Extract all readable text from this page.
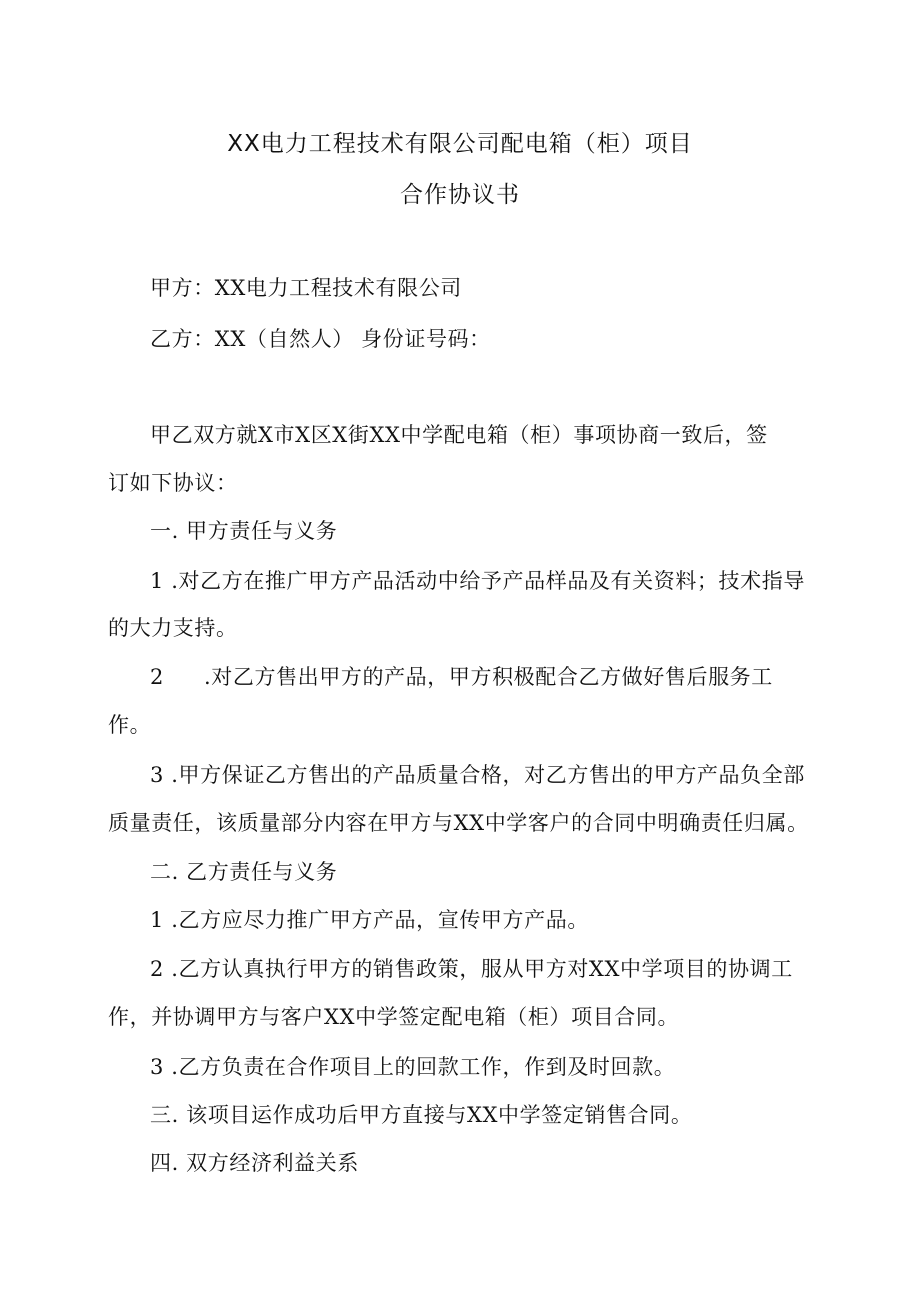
XX电力工程技术有限公司配电箱（柜）项目
合作协议书
甲方：XX电力工程技术有限公司
乙方：XX（自然人） 身份证号码：
甲乙双方就X市X区X街XX中学配电箱（柜）事项协商一致后，签
订如下协议：
一. 甲方责任与义务
1 .对乙方在推广甲方产品活动中给予产品样品及有关资料；技术指导
的大力支持。
2 .对乙方售出甲方的产品，甲方积极配合乙方做好售后服务工
作。
3 .甲方保证乙方售出的产品质量合格，对乙方售出的甲方产品负全部
质量责任，该质量部分内容在甲方与XX中学客户的合同中明确责任归属。
二. 乙方责任与义务
1 .乙方应尽力推广甲方产品，宣传甲方产品。
2 .乙方认真执行甲方的销售政策，服从甲方对XX中学项目的协调工
作，并协调甲方与客户XX中学签定配电箱（柜）项目合同。
3 .乙方负责在合作项目上的回款工作，作到及时回款。
三. 该项目运作成功后甲方直接与XX中学签定销售合同。
四. 双方经济利益关系
